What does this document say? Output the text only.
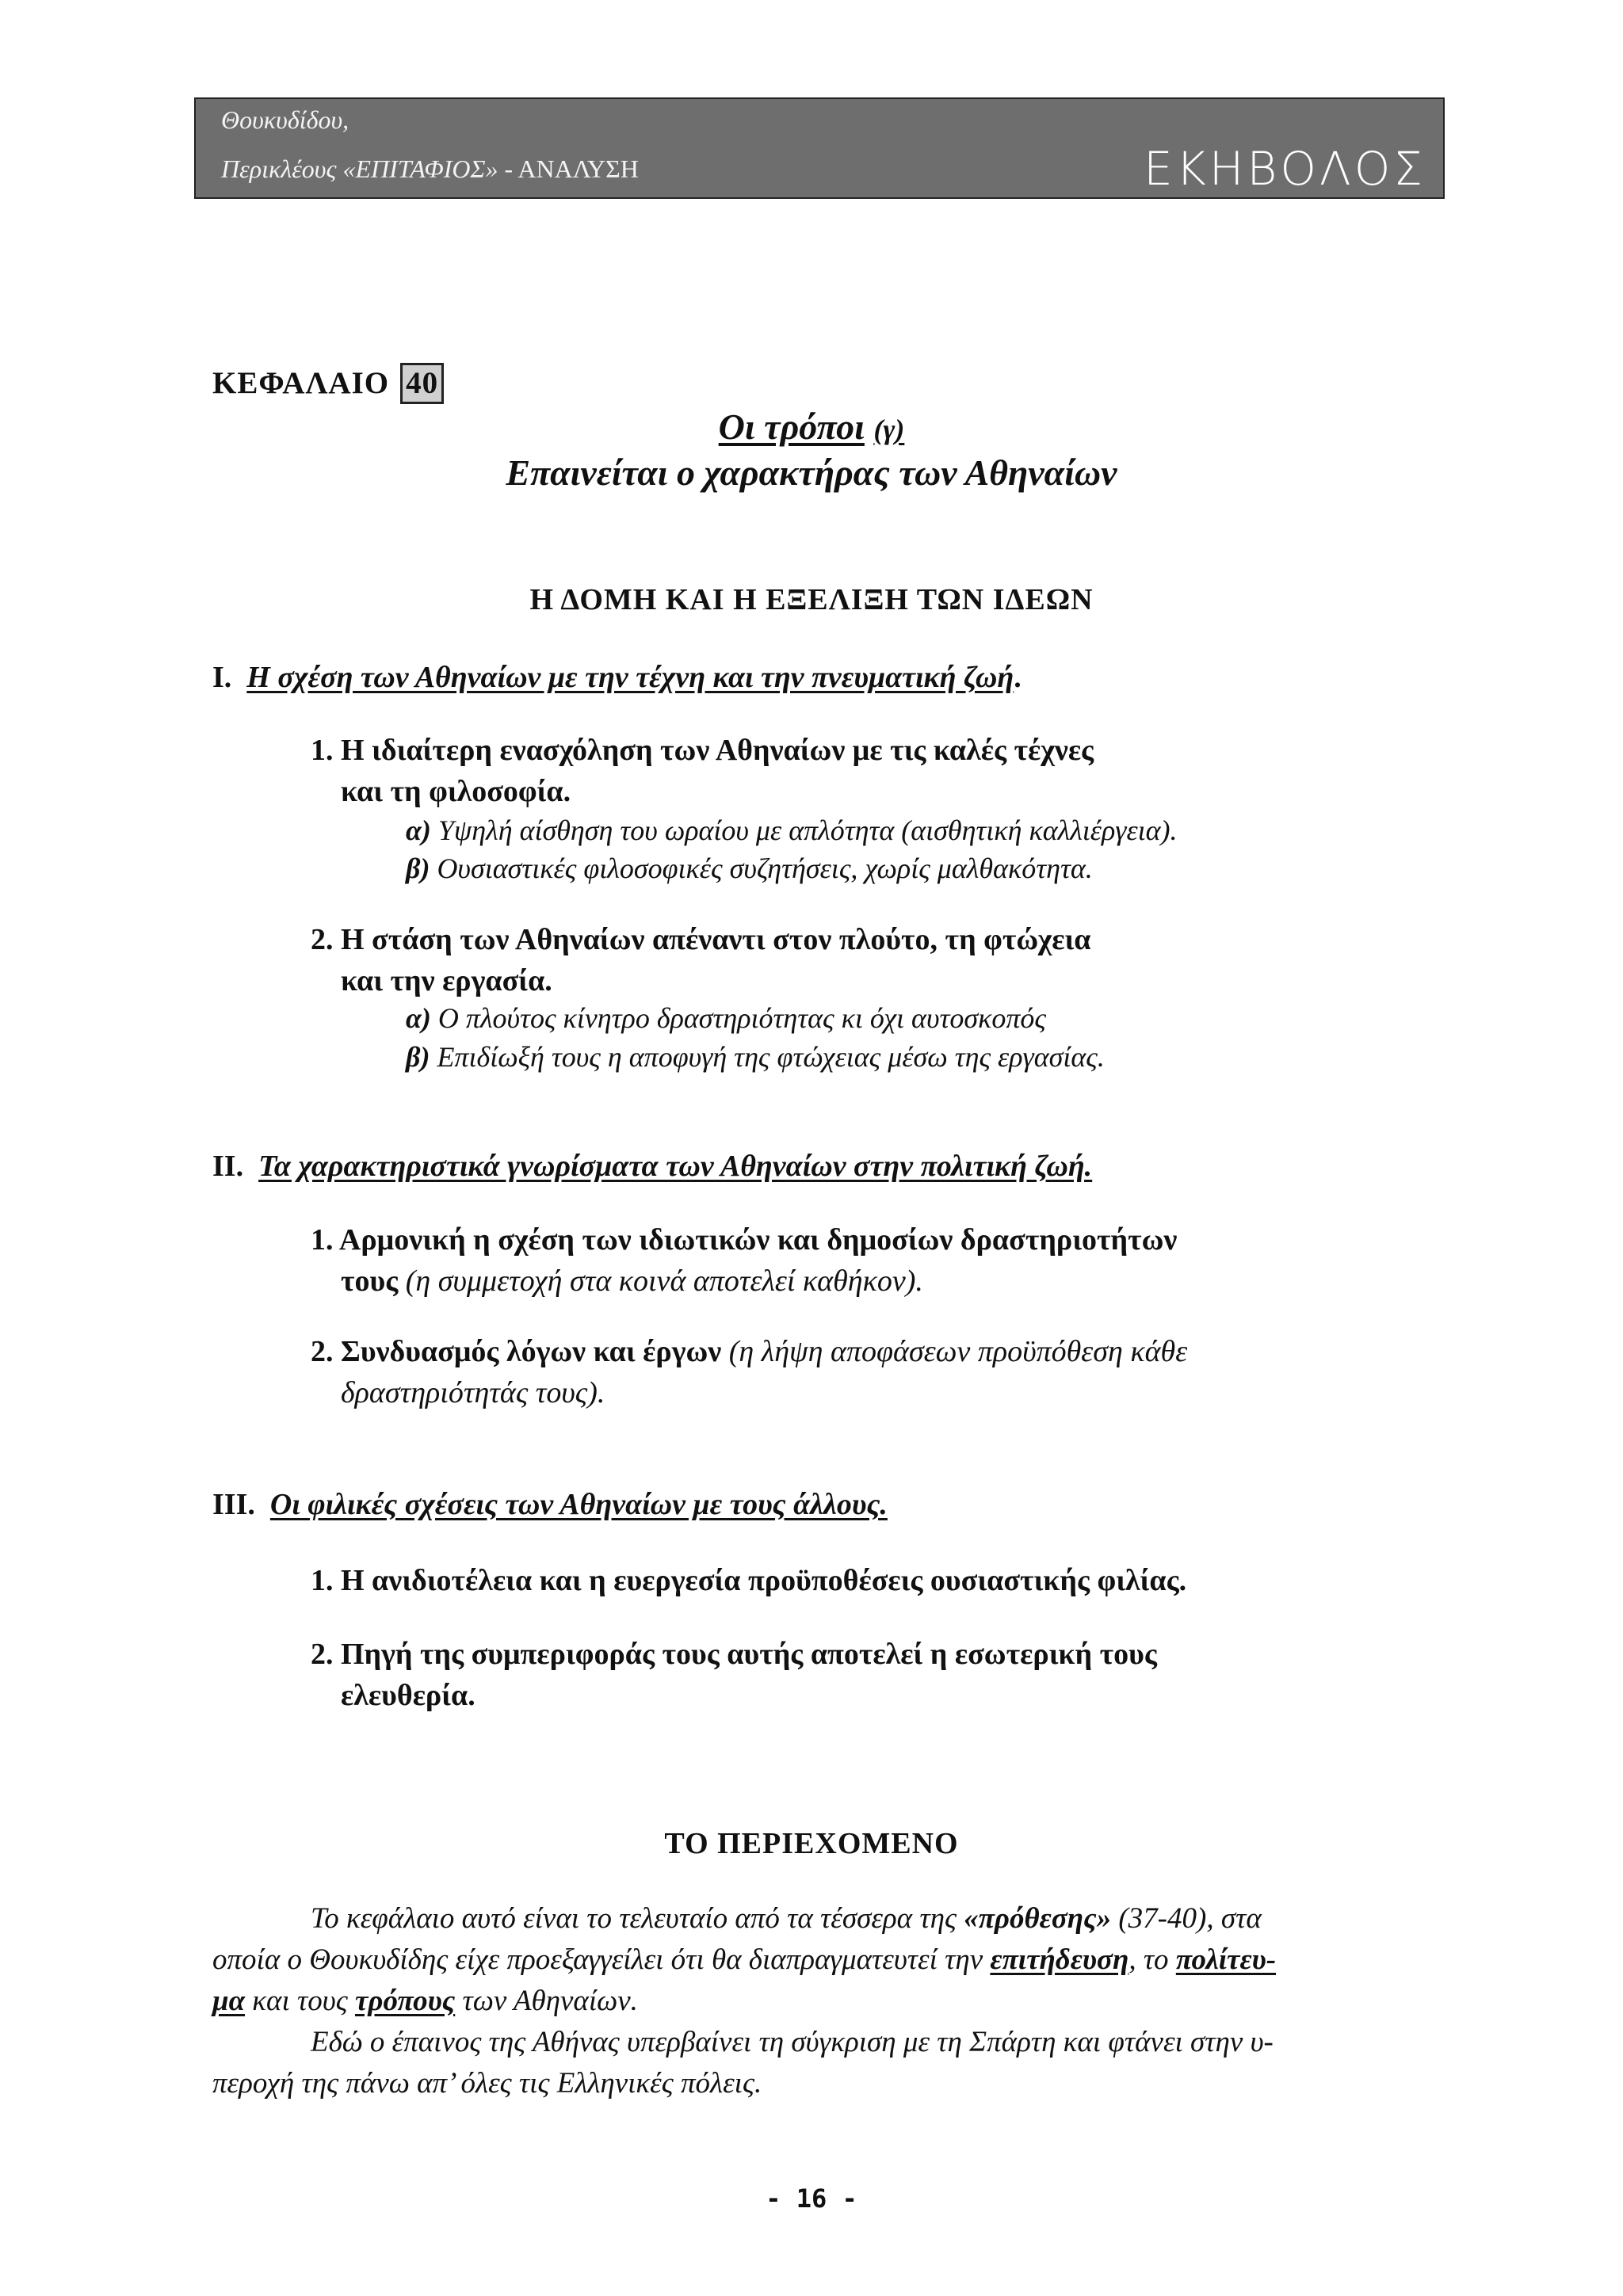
Θουκυδίδου,
Περικλέους «ΕΠΙΤΑΦΙΟΣ» - ΑΝΑΛΥΣΗ	ΕΚΗΒΟΛΟΣ
ΚΕΦΑΛΑΙΟ 40
Οι τρόποι (γ)
Επαινείται ο χαρακτήρας των Αθηναίων
Η ΔΟΜΗ ΚΑΙ Η ΕΞΕΛΙΞΗ ΤΩΝ ΙΔΕΩΝ
Ι. Η σχέση των Αθηναίων με την τέχνη και την πνευματική ζωή.
1. Η ιδιαίτερη ενασχόληση των Αθηναίων με τις καλές τέχνες
και τη φιλοσοφία.
α) Υψηλή αίσθηση του ωραίου με απλότητα (αισθητική καλλιέργεια).
β) Ουσιαστικές φιλοσοφικές συζητήσεις, χωρίς μαλθακότητα.
2. Η στάση των Αθηναίων απέναντι στον πλούτο, τη φτώχεια
και την εργασία.
α) Ο πλούτος κίνητρο δραστηριότητας κι όχι αυτοσκοπός
β) Επιδίωξή τους η αποφυγή της φτώχειας μέσω της εργασίας.
ΙΙ. Τα χαρακτηριστικά γνωρίσματα των Αθηναίων στην πολιτική ζωή.
1. Αρμονική η σχέση των ιδιωτικών και δημοσίων δραστηριοτήτων
τους (η συμμετοχή στα κοινά αποτελεί καθήκον).
2. Συνδυασμός λόγων και έργων (η λήψη αποφάσεων προϋπόθεση κάθε
δραστηριότητάς τους).
ΙΙΙ. Οι φιλικές σχέσεις των Αθηναίων με τους άλλους.
1. Η ανιδιοτέλεια και η ευεργεσία προϋποθέσεις ουσιαστικής φιλίας.
2. Πηγή της συμπεριφοράς τους αυτής αποτελεί η εσωτερική τους
ελευθερία.
ΤΟ ΠΕΡΙΕΧΟΜΕΝΟ
Το κεφάλαιο αυτό είναι το τελευταίο από τα τέσσερα της «πρόθεσης» (37-40), στα
οποία ο Θουκυδίδης είχε προεξαγγείλει ότι θα διαπραγματευτεί την επιτήδευση, το πολίτευ-
μα και τους τρόπους των Αθηναίων.
Εδώ ο έπαινος της Αθήνας υπερβαίνει τη σύγκριση με τη Σπάρτη και φτάνει στην υ-
περοχή της πάνω απ’ όλες τις Ελληνικές πόλεις.
- 16 -
